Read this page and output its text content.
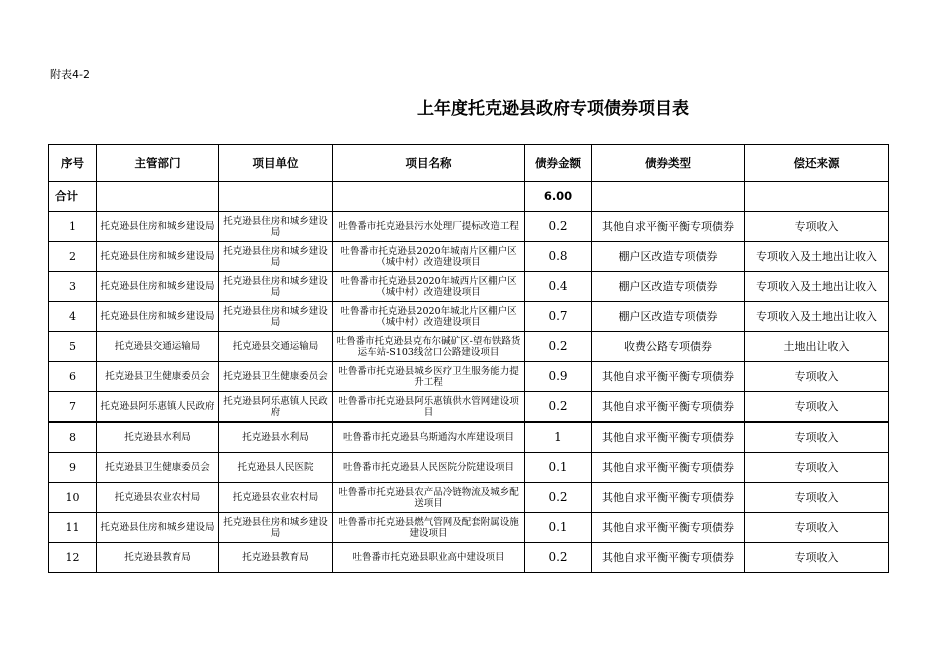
附表4-2
上年度托克逊县政府专项债券项目表
序号	主管部门	项目单位	项目名称	债券金额	债券类型	偿还来源
合计				6.00		
1	托克逊县住房和城乡建设局	托克逊县住房和城乡建设局	吐鲁番市托克逊县污水处理厂提标改造工程	0.2	其他自求平衡平衡专项债券	专项收入
2	托克逊县住房和城乡建设局	托克逊县住房和城乡建设局	吐鲁番市托克逊县2020年城南片区棚户区（城中村）改造建设项目	0.8	棚户区改造专项债券	专项收入及土地出让收入
3	托克逊县住房和城乡建设局	托克逊县住房和城乡建设局	吐鲁番市托克逊县2020年城西片区棚户区（城中村）改造建设项目	0.4	棚户区改造专项债券	专项收入及土地出让收入
4	托克逊县住房和城乡建设局	托克逊县住房和城乡建设局	吐鲁番市托克逊县2020年城北片区棚户区（城中村）改造建设项目	0.7	棚户区改造专项债券	专项收入及土地出让收入
5	托克逊县交通运输局	托克逊县交通运输局	吐鲁番市托克逊县克布尔碱矿区-望布铁路货运车站-S103线岔口公路建设项目	0.2	收费公路专项债券	土地出让收入
6	托克逊县卫生健康委员会	托克逊县卫生健康委员会	吐鲁番市托克逊县城乡医疗卫生服务能力提升工程	0.9	其他自求平衡平衡专项债券	专项收入
7	托克逊县阿乐惠镇人民政府	托克逊县阿乐惠镇人民政府	吐鲁番市托克逊县阿乐惠镇供水管网建设项目	0.2	其他自求平衡平衡专项债券	专项收入
8	托克逊县水利局	托克逊县水利局	吐鲁番市托克逊县乌斯通沟水库建设项目	1	其他自求平衡平衡专项债券	专项收入
9	托克逊县卫生健康委员会	托克逊县人民医院	吐鲁番市托克逊县人民医院分院建设项目	0.1	其他自求平衡平衡专项债券	专项收入
10	托克逊县农业农村局	托克逊县农业农村局	吐鲁番市托克逊县农产品冷链物流及城乡配送项目	0.2	其他自求平衡平衡专项债券	专项收入
11	托克逊县住房和城乡建设局	托克逊县住房和城乡建设局	吐鲁番市托克逊县燃气管网及配套附属设施建设项目	0.1	其他自求平衡平衡专项债券	专项收入
12	托克逊县教育局	托克逊县教育局	吐鲁番市托克逊县职业高中建设项目	0.2	其他自求平衡平衡专项债券	专项收入
